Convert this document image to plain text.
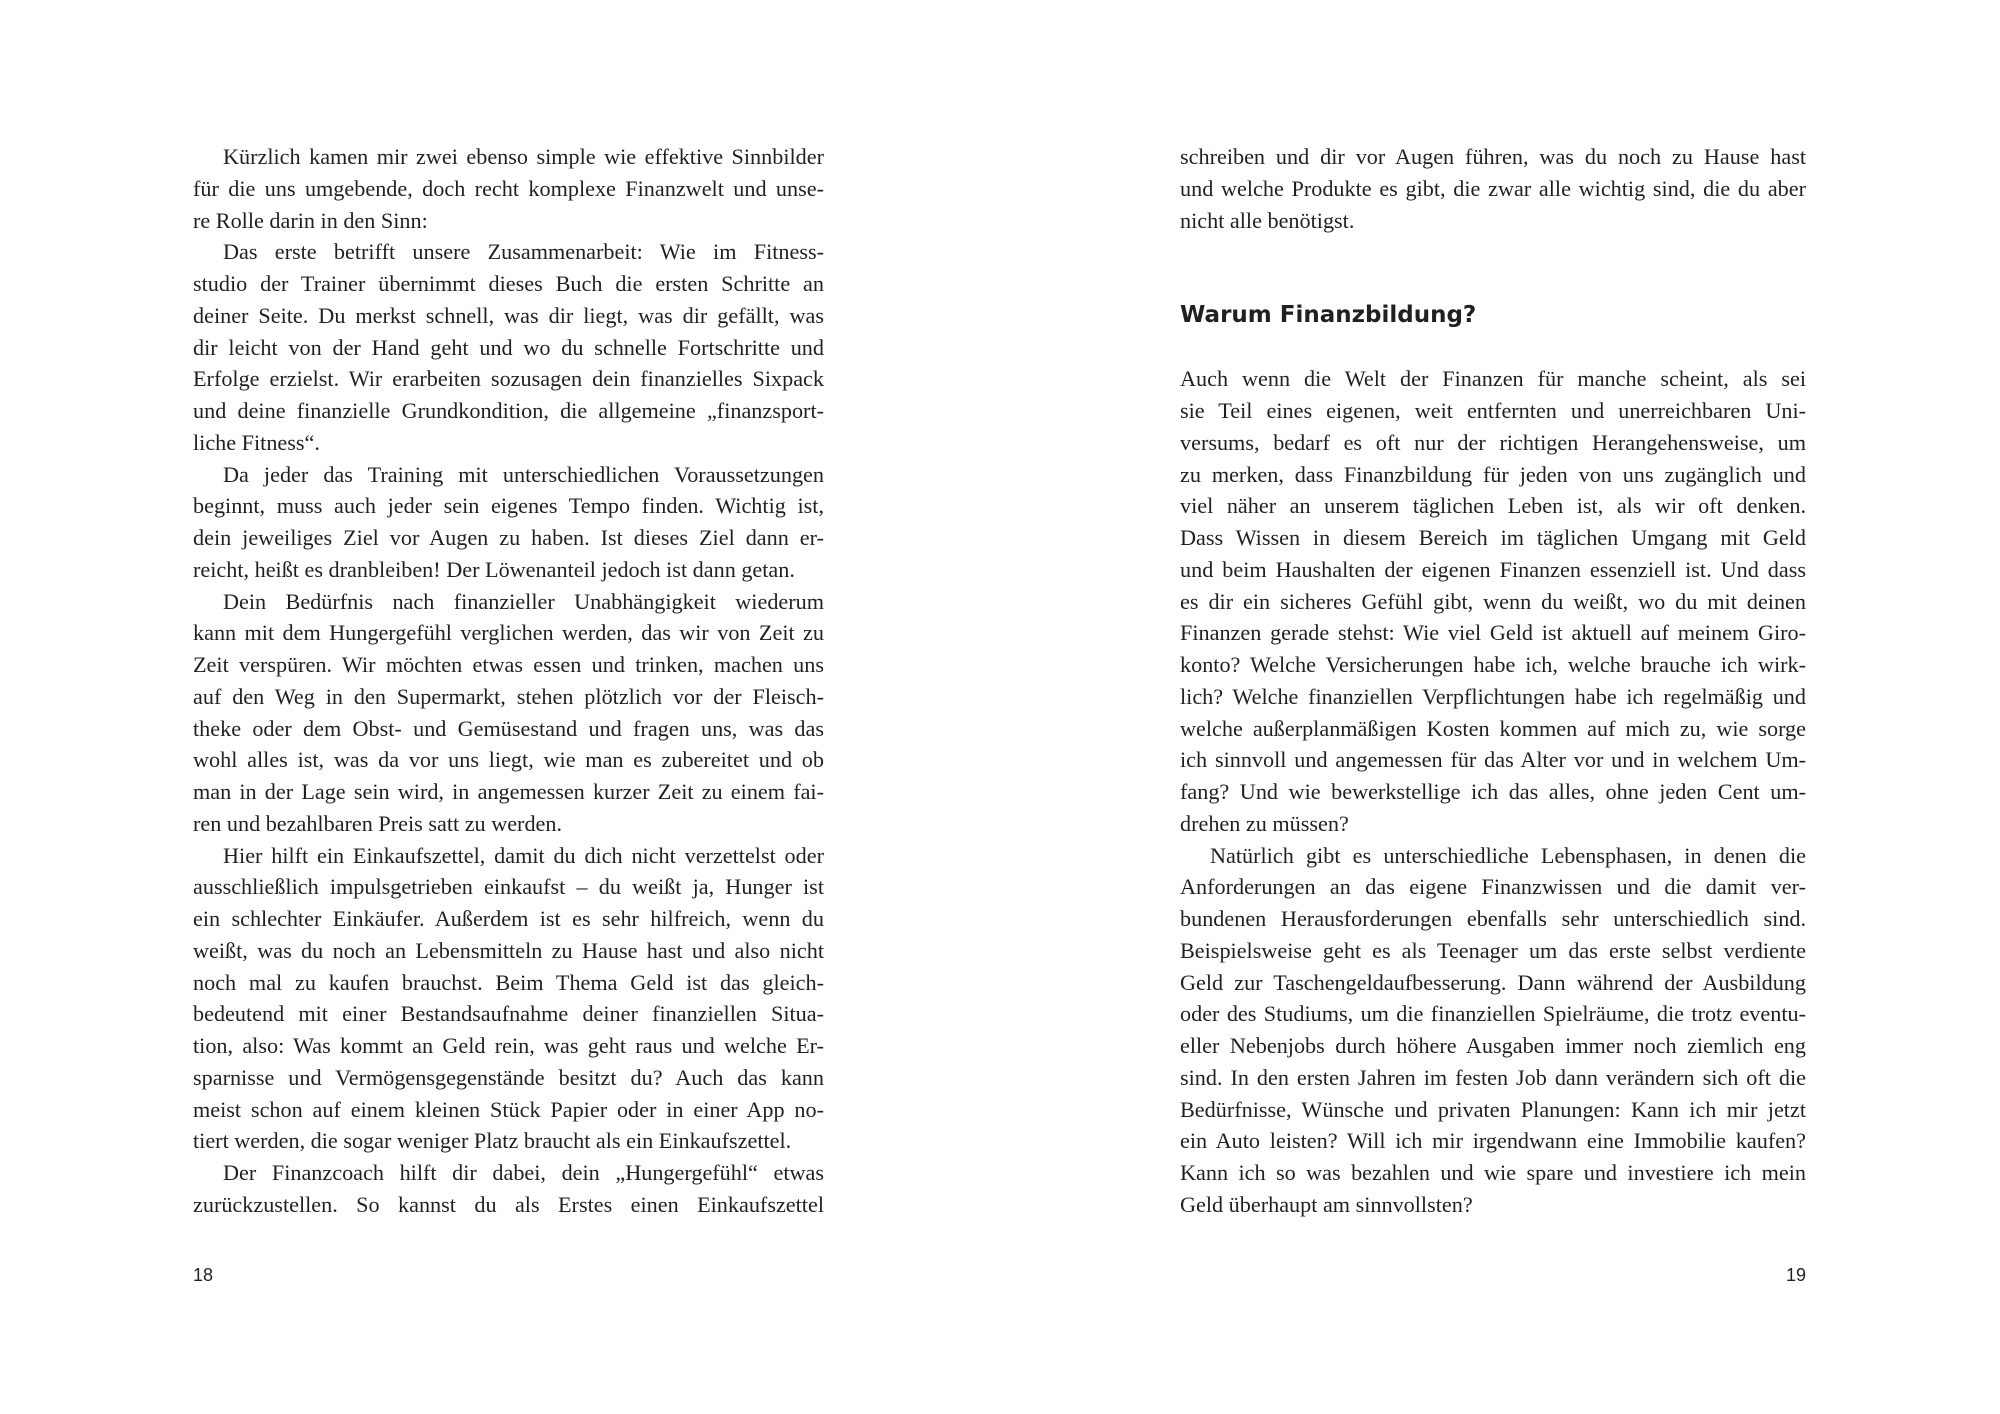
Kürzlich kamen mir zwei ebenso simple wie effektive Sinnbilder
für die uns umgebende, doch recht komplexe Finanzwelt und unse-
re Rolle darin in den Sinn:
Das erste betrifft unsere Zusammenarbeit: Wie im Fitness-
studio der Trainer übernimmt dieses Buch die ersten Schritte an
deiner Seite. Du merkst schnell, was dir liegt, was dir gefällt, was
dir leicht von der Hand geht und wo du schnelle Fortschritte und
Erfolge erzielst. Wir erarbeiten sozusagen dein finanzielles Sixpack
und deine finanzielle Grundkondition, die allgemeine „finanzsport-
liche Fitness“.
Da jeder das Training mit unterschiedlichen Voraussetzungen
beginnt, muss auch jeder sein eigenes Tempo finden. Wichtig ist,
dein jeweiliges Ziel vor Augen zu haben. Ist dieses Ziel dann er-
reicht, heißt es dranbleiben! Der Löwenanteil jedoch ist dann getan.
Dein Bedürfnis nach finanzieller Unabhängigkeit wiederum
kann mit dem Hungergefühl verglichen werden, das wir von Zeit zu
Zeit verspüren. Wir möchten etwas essen und trinken, machen uns
auf den Weg in den Supermarkt, stehen plötzlich vor der Fleisch-
theke oder dem Obst- und Gemüsestand und fragen uns, was das
wohl alles ist, was da vor uns liegt, wie man es zubereitet und ob
man in der Lage sein wird, in angemessen kurzer Zeit zu einem fai-
ren und bezahlbaren Preis satt zu werden.
Hier hilft ein Einkaufszettel, damit du dich nicht verzettelst oder
ausschließlich impulsgetrieben einkaufst – du weißt ja, Hunger ist
ein schlechter Einkäufer. Außerdem ist es sehr hilfreich, wenn du
weißt, was du noch an Lebensmitteln zu Hause hast und also nicht
noch mal zu kaufen brauchst. Beim Thema Geld ist das gleich-
bedeutend mit einer Bestandsaufnahme deiner finanziellen Situa-
tion, also: Was kommt an Geld rein, was geht raus und welche Er-
sparnisse und Vermögensgegenstände besitzt du? Auch das kann
meist schon auf einem kleinen Stück Papier oder in einer App no-
tiert werden, die sogar weniger Platz braucht als ein Einkaufszettel.
Der Finanzcoach hilft dir dabei, dein „Hungergefühl“ etwas
zurückzustellen. So kannst du als Erstes einen Einkaufszettel
18
schreiben und dir vor Augen führen, was du noch zu Hause hast
und welche Produkte es gibt, die zwar alle wichtig sind, die du aber
nicht alle benötigst.
Warum Finanzbildung?
Auch wenn die Welt der Finanzen für manche scheint, als sei
sie Teil eines eigenen, weit entfernten und unerreichbaren Uni-
versums, bedarf es oft nur der richtigen Herangehensweise, um
zu merken, dass Finanzbildung für jeden von uns zugänglich und
viel näher an unserem täglichen Leben ist, als wir oft denken.
Dass Wissen in diesem Bereich im täglichen Umgang mit Geld
und beim Haushalten der eigenen Finanzen essenziell ist. Und dass
es dir ein sicheres Gefühl gibt, wenn du weißt, wo du mit deinen
Finanzen gerade stehst: Wie viel Geld ist aktuell auf meinem Giro-
konto? Welche Versicherungen habe ich, welche brauche ich wirk-
lich? Welche finanziellen Verpflichtungen habe ich regelmäßig und
welche außerplanmäßigen Kosten kommen auf mich zu, wie sorge
ich sinnvoll und angemessen für das Alter vor und in welchem Um-
fang? Und wie bewerkstellige ich das alles, ohne jeden Cent um-
drehen zu müssen?
Natürlich gibt es unterschiedliche Lebensphasen, in denen die
Anforderungen an das eigene Finanzwissen und die damit ver-
bundenen Herausforderungen ebenfalls sehr unterschiedlich sind.
Beispielsweise geht es als Teenager um das erste selbst verdiente
Geld zur Taschengeldaufbesserung. Dann während der Ausbildung
oder des Studiums, um die finanziellen Spielräume, die trotz eventu-
eller Nebenjobs durch höhere Ausgaben immer noch ziemlich eng
sind. In den ersten Jahren im festen Job dann verändern sich oft die
Bedürfnisse, Wünsche und privaten Planungen: Kann ich mir jetzt
ein Auto leisten? Will ich mir irgendwann eine Immobilie kaufen?
Kann ich so was bezahlen und wie spare und investiere ich mein
Geld überhaupt am sinnvollsten?
19
